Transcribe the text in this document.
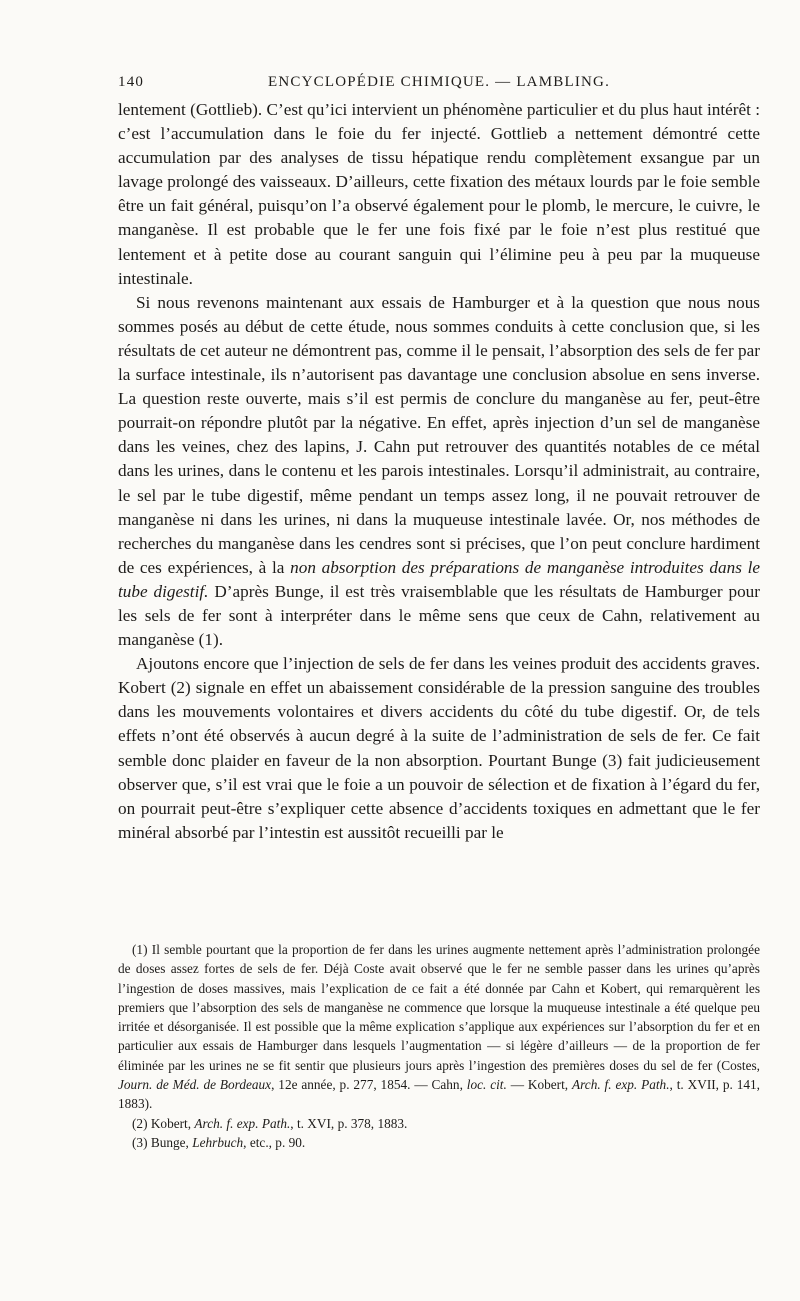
140	ENCYCLOPÉDIE CHIMIQUE. — LAMBLING.

lentement (Gottlieb). C’est qu’ici intervient un phénomène particulier et du plus haut intérêt : c’est l’accumulation dans le foie du fer injecté. Gottlieb a nettement démontré cette accumulation par des analyses de tissu hépatique rendu complètement exsangue par un lavage prolongé des vaisseaux. D’ailleurs, cette fixation des métaux lourds par le foie semble être un fait général, puisqu’on l’a observé également pour le plomb, le mercure, le cuivre, le manganèse. Il est probable que le fer une fois fixé par le foie n’est plus restitué que lentement et à petite dose au courant sanguin qui l’élimine peu à peu par la muqueuse intestinale.

Si nous revenons maintenant aux essais de Hamburger et à la question que nous nous sommes posés au début de cette étude, nous sommes conduits à cette conclusion que, si les résultats de cet auteur ne démontrent pas, comme il le pensait, l’absorption des sels de fer par la surface intestinale, ils n’autorisent pas davantage une conclusion absolue en sens inverse. La question reste ouverte, mais s’il est permis de conclure du manganèse au fer, peut-être pourrait-on répondre plutôt par la négative. En effet, après injection d’un sel de manganèse dans les veines, chez des lapins, J. Cahn put retrouver des quantités notables de ce métal dans les urines, dans le contenu et les parois intestinales. Lorsqu’il administrait, au contraire, le sel par le tube digestif, même pendant un temps assez long, il ne pouvait retrouver de manganèse ni dans les urines, ni dans la muqueuse intestinale lavée. Or, nos méthodes de recherches du manganèse dans les cendres sont si précises, que l’on peut conclure hardiment de ces expériences, à la non absorption des préparations de manganèse introduites dans le tube digestif. D’après Bunge, il est très vraisemblable que les résultats de Hamburger pour les sels de fer sont à interpréter dans le même sens que ceux de Cahn, relativement au manganèse (1).

Ajoutons encore que l’injection de sels de fer dans les veines produit des accidents graves. Kobert (2) signale en effet un abaissement considérable de la pression sanguine des troubles dans les mouvements volontaires et divers accidents du côté du tube digestif. Or, de tels effets n’ont été observés à aucun degré à la suite de l’administration de sels de fer. Ce fait semble donc plaider en faveur de la non absorption. Pourtant Bunge (3) fait judicieusement observer que, s’il est vrai que le foie a un pouvoir de sélection et de fixation à l’égard du fer, on pourrait peut-être s’expliquer cette absence d’accidents toxiques en admettant que le fer minéral absorbé par l’intestin est aussitôt recueilli par le

(1) Il semble pourtant que la proportion de fer dans les urines augmente nettement après l’administration prolongée de doses assez fortes de sels de fer. Déjà Coste avait observé que le fer ne semble passer dans les urines qu’après l’ingestion de doses massives, mais l’explication de ce fait a été donnée par Cahn et Kobert, qui remarquèrent les premiers que l’absorption des sels de manganèse ne commence que lorsque la muqueuse intestinale a été quelque peu irritée et désorganisée. Il est possible que la même explication s’applique aux expériences sur l’absorption du fer et en particulier aux essais de Hamburger dans lesquels l’augmentation — si légère d’ailleurs — de la proportion de fer éliminée par les urines ne se fit sentir que plusieurs jours après l’ingestion des premières doses du sel de fer (Costes, Journ. de Méd. de Bordeaux, 12e année, p. 277, 1854. — Cahn, loc. cit. — Kobert, Arch. f. exp. Path., t. XVII, p. 141, 1883).

(2) Kobert, Arch. f. exp. Path., t. XVI, p. 378, 1883.

(3) Bunge, Lehrbuch, etc., p. 90.
